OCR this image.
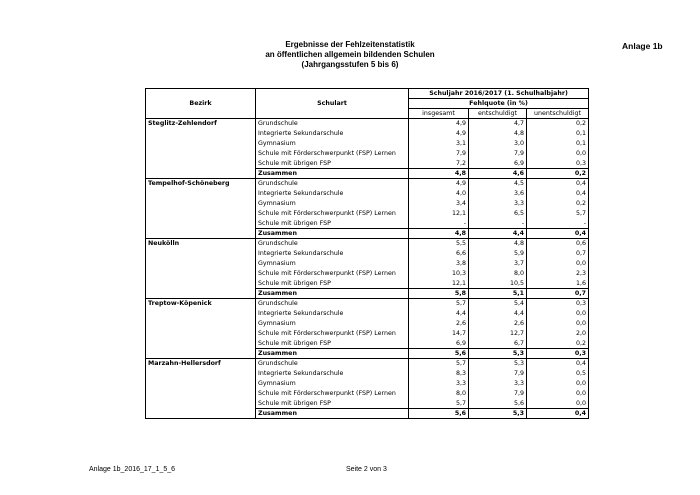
Ergebnisse der Fehlzeitenstatistik
an öffentlichen allgemein bildenden Schulen
(Jahrgangsstufen 5 bis 6)
Anlage 1b
Bezirk	Schulart	Schuljahr 2016/2017 (1. Schulhalbjahr)		
		Fehlquote (in %)		
		insgesamt	entschuldigt	unentschuldigt
Steglitz-Zehlendorf	Grundschule	4,9	4,7	0,2
	Integrierte Sekundarschule	4,9	4,8	0,1
	Gymnasium	3,1	3,0	0,1
	Schule mit Förderschwerpunkt (FSP) Lernen	7,9	7,9	0,0
	Schule mit übrigen FSP	7,2	6,9	0,3
	Zusammen	4,8	4,6	0,2
Tempelhof-Schöneberg	Grundschule	4,9	4,5	0,4
	Integrierte Sekundarschule	4,0	3,6	0,4
	Gymnasium	3,4	3,3	0,2
	Schule mit Förderschwerpunkt (FSP) Lernen	12,1	6,5	5,7
	Schule mit übrigen FSP	-	-	-
	Zusammen	4,8	4,4	0,4
Neukölln	Grundschule	5,5	4,8	0,6
	Integrierte Sekundarschule	6,6	5,9	0,7
	Gymnasium	3,8	3,7	0,0
	Schule mit Förderschwerpunkt (FSP) Lernen	10,3	8,0	2,3
	Schule mit übrigen FSP	12,1	10,5	1,6
	Zusammen	5,8	5,1	0,7
Treptow-Köpenick	Grundschule	5,7	5,4	0,3
	Integrierte Sekundarschule	4,4	4,4	0,0
	Gymnasium	2,6	2,6	0,0
	Schule mit Förderschwerpunkt (FSP) Lernen	14,7	12,7	2,0
	Schule mit übrigen FSP	6,9	6,7	0,2
	Zusammen	5,6	5,3	0,3
Marzahn-Hellersdorf	Grundschule	5,7	5,3	0,4
	Integrierte Sekundarschule	8,3	7,9	0,5
	Gymnasium	3,3	3,3	0,0
	Schule mit Förderschwerpunkt (FSP) Lernen	8,0	7,9	0,0
	Schule mit übrigen FSP	5,7	5,6	0,0
	Zusammen	5,6	5,3	0,4
Anlage 1b_2016_17_1_5_6	Seite 2 von 3
